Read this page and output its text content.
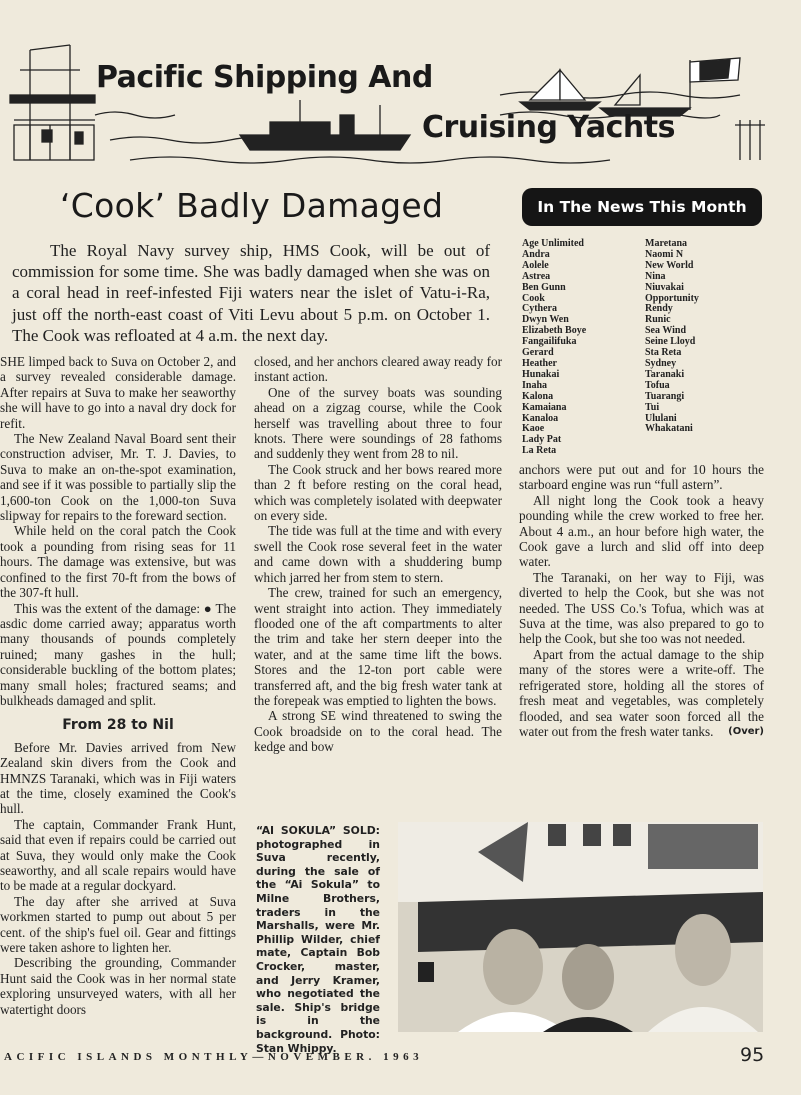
Pacific Shipping And
Cruising Yachts
‘Cook’ Badly Damaged
The Royal Navy survey ship, HMS Cook, will be out of commission for some time. She was badly damaged when she was on a coral head in reef-infested Fiji waters near the islet of Vatu-i-Ra, just off the north-east coast of Viti Levu about 5 p.m. on October 1. The Cook was refloated at 4 a.m. the next day.

SHE limped back to Suva on October 2, and a survey revealed considerable damage. After repairs at Suva to make her seaworthy she will have to go into a naval dry dock for refit.

The New Zealand Naval Board sent their construction adviser, Mr. T. J. Davies, to Suva to make an on-the-spot examination, and see if it was possible to partially slip the 1,600-ton Cook on the 1,000-ton Suva slipway for repairs to the foreward section.

While held on the coral patch the Cook took a pounding from rising seas for 11 hours. The damage was extensive, but was confined to the first 70-ft from the bows of the 307-ft hull.

This was the extent of the damage: ● The asdic dome carried away; apparatus worth many thousands of pounds completely ruined; many gashes in the hull; considerable buckling of the bottom plates; many small holes; fractured seams; and bulkheads damaged and split.

From 28 to Nil

Before Mr. Davies arrived from New Zealand skin divers from the Cook and HMNZS Taranaki, which was in Fiji waters at the time, closely examined the Cook's hull.

The captain, Commander Frank Hunt, said that even if repairs could be carried out at Suva, they would only make the Cook seaworthy, and all scale repairs would have to be made at a regular dockyard.

The day after she arrived at Suva workmen started to pump out about 5 per cent. of the ship's fuel oil. Gear and fittings were taken ashore to lighten her.

Describing the grounding, Commander Hunt said the Cook was in her normal state exploring unsurveyed waters, with all her watertight doors

closed, and her anchors cleared away ready for instant action.

One of the survey boats was sounding ahead on a zigzag course, while the Cook herself was travelling about three to four knots. There were soundings of 28 fathoms and suddenly they went from 28 to nil.

The Cook struck and her bows reared more than 2 ft before resting on the coral head, which was completely isolated with deepwater on every side.

The tide was full at the time and with every swell the Cook rose several feet in the water and came down with a shuddering bump which jarred her from stem to stern.

The crew, trained for such an emergency, went straight into action. They immediately flooded one of the aft compartments to alter the trim and take her stern deeper into the water, and at the same time lift the bows. Stores and the 12-ton port cable were transferred aft, and the big fresh water tank at the forepeak was emptied to lighten the bows.

A strong SE wind threatened to swing the Cook broadside on to the coral head. The kedge and bow

In The News This Month
Age Unlimited
Andra
Aolele
Astrea
Ben Gunn
Cook
Cythera
Dwyn Wen
Elizabeth Boye
Fangailifuka
Gerard
Heather
Hunakai
Inaha
Kalona
Kamaiana
Kanaloa
Kaoe
Lady Pat
La Reta
Maretana
Naomi N
New World
Nina
Niuvakai
Opportunity
Rendy
Runic
Sea Wind
Seine Lloyd
Sta Reta
Sydney
Taranaki
Tofua
Tuarangi
Tui
Ululani
Whakatani

anchors were put out and for 10 hours the starboard engine was run “full astern”.

All night long the Cook took a heavy pounding while the crew worked to free her. About 4 a.m., an hour before high water, the Cook gave a lurch and slid off into deep water.

The Taranaki, on her way to Fiji, was diverted to help the Cook, but she was not needed. The USS Co.'s Tofua, which was at Suva at the time, was also prepared to go to help the Cook, but she too was not needed.

Apart from the actual damage to the ship many of the stores were a write-off. The refrigerated store, holding all the stores of fresh meat and vegetables, was completely flooded, and sea water soon forced all the water out from the fresh water tanks.	(Over)

“AI SOKULA” SOLD: photographed in Suva recently, during the sale of the “Ai Sokula” to Milne Brothers, traders in the Marshalls, were Mr. Phillip Wilder, chief mate, Captain Bob Crocker, master, and Jerry Kramer, who negotiated the sale. Ship's bridge is in the background. Photo: Stan Whippy.
ACIFIC ISLANDS MONTHLY—NOVEMBER. 1963	95
